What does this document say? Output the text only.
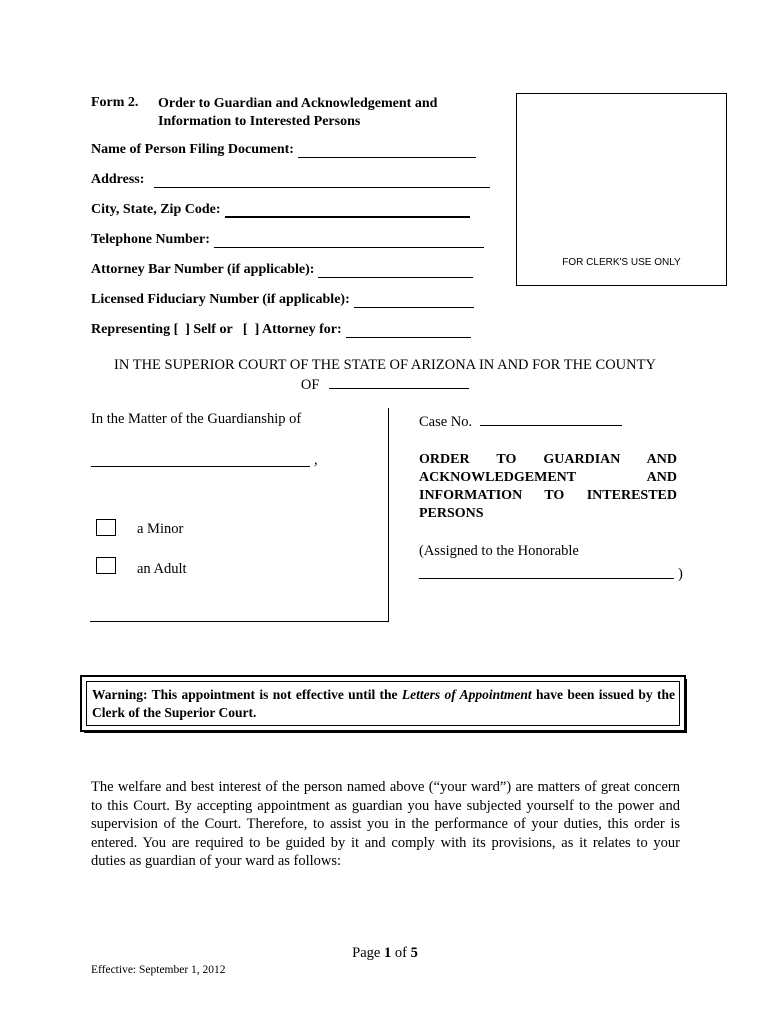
Form 2. Order to Guardian and Acknowledgement and
Information to Interested Persons
Name of Person Filing Document:
Address:
City, State, Zip Code:
Telephone Number:
Attorney Bar Number (if applicable):
Licensed Fiduciary Number (if applicable):
Representing [  ] Self or   [  ] Attorney for:
FOR CLERK'S USE ONLY
IN THE SUPERIOR COURT OF THE STATE OF ARIZONA IN AND FOR THE COUNTY
OF
In the Matter of the Guardianship of
,
a Minor
an Adult
Case No.
ORDER TO GUARDIAN AND ACKNOWLEDGEMENT AND INFORMATION TO INTERESTED PERSONS
(Assigned to the Honorable
)
Warning: This appointment is not effective until the Letters of Appointment have been issued by the Clerk of the Superior Court.
The welfare and best interest of the person named above (“your ward”) are matters of great concern to this Court. By accepting appointment as guardian you have subjected yourself to the power and supervision of the Court. Therefore, to assist you in the performance of your duties, this order is entered. You are required to be guided by it and comply with its provisions, as it relates to your duties as guardian of your ward as follows:
Page 1 of 5
Effective: September 1, 2012
